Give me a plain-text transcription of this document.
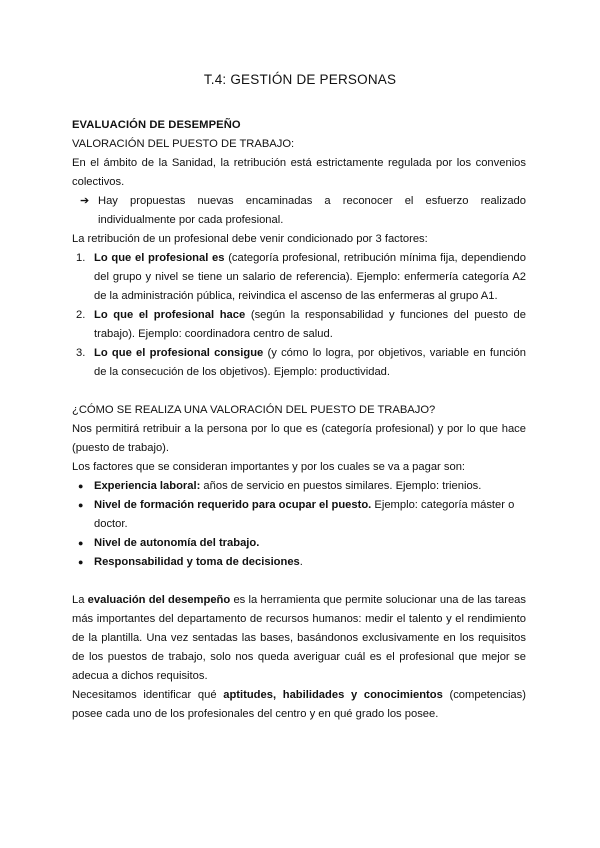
T.4: GESTIÓN DE PERSONAS

EVALUACIÓN DE DESEMPEÑO

VALORACIÓN DEL PUESTO DE TRABAJO:

En el ámbito de la Sanidad, la retribución está estrictamente regulada por los convenios colectivos.

➔ Hay propuestas nuevas encaminadas a reconocer el esfuerzo realizado individualmente por cada profesional.

La retribución de un profesional debe venir condicionado por 3 factores:

1. Lo que el profesional es (categoría profesional, retribución mínima fija, dependiendo del grupo y nivel se tiene un salario de referencia). Ejemplo: enfermería categoría A2 de la administración pública, reivindica el ascenso de las enfermeras al grupo A1.
2. Lo que el profesional hace (según la responsabilidad y funciones del puesto de trabajo). Ejemplo: coordinadora centro de salud.
3. Lo que el profesional consigue (y cómo lo logra, por objetivos, variable en función de la consecución de los objetivos). Ejemplo: productividad.

¿CÓMO SE REALIZA UNA VALORACIÓN DEL PUESTO DE TRABAJO?

Nos permitirá retribuir a la persona por lo que es (categoría profesional) y por lo que hace (puesto de trabajo).

Los factores que se consideran importantes y por los cuales se va a pagar son:

● Experiencia laboral: años de servicio en puestos similares. Ejemplo: trienios.
● Nivel de formación requerido para ocupar el puesto. Ejemplo: categoría máster o doctor.
● Nivel de autonomía del trabajo.
● Responsabilidad y toma de decisiones.

La evaluación del desempeño es la herramienta que permite solucionar una de las tareas más importantes del departamento de recursos humanos: medir el talento y el rendimiento de la plantilla. Una vez sentadas las bases, basándonos exclusivamente en los requisitos de los puestos de trabajo, solo nos queda averiguar cuál es el profesional que mejor se adecua a dichos requisitos.

Necesitamos identificar qué aptitudes, habilidades y conocimientos (competencias) posee cada uno de los profesionales del centro y en qué grado los posee.
